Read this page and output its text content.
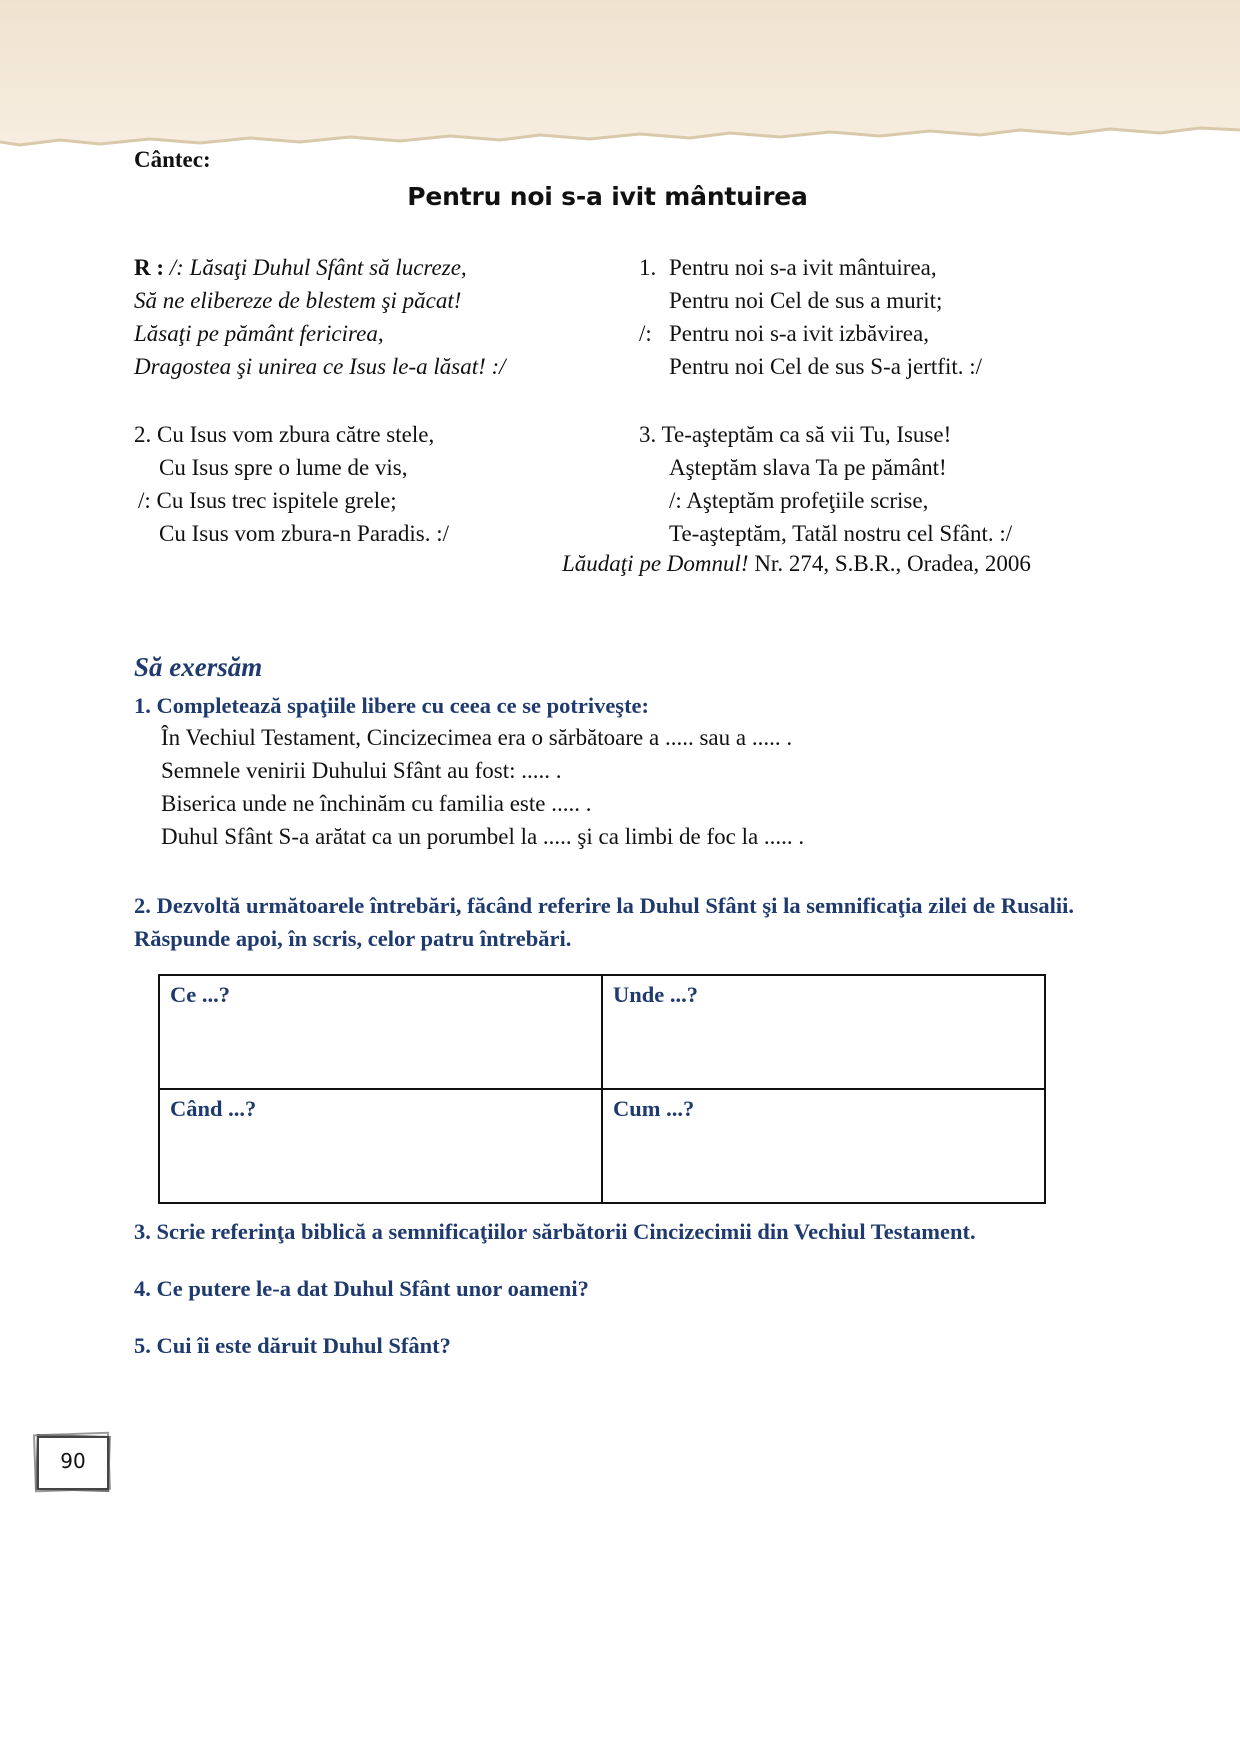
Cântec:
Pentru noi s-a ivit mântuirea
R :
/: Lăsaţi Duhul Sfânt să lucreze,
Să ne elibereze de blestem şi păcat!
Lăsaţi pe pământ fericirea,
Dragostea şi unirea ce Isus le-a lăsat! :/
1. Pentru noi s-a ivit mântuirea,
Pentru noi Cel de sus a murit;
/: Pentru noi s-a ivit izbăvirea,
Pentru noi Cel de sus S-a jertfit. :/
2. Cu Isus vom zbura către stele,
Cu Isus spre o lume de vis,
/: Cu Isus trec ispitele grele;
Cu Isus vom zbura-n Paradis. :/
3. Te-aşteptăm ca să vii Tu, Isuse!
Aşteptăm slava Ta pe pământ!
/: Aşteptăm profeţiile scrise,
Te-aşteptăm, Tatăl nostru cel Sfânt. :/
Lăudaţi pe Domnul! Nr. 274, S.B.R., Oradea, 2006
Să exersăm
1. Completează spaţiile libere cu ceea ce se potriveşte:
În Vechiul Testament, Cincizecimea era o sărbătoare a ..... sau a ..... .
Semnele venirii Duhului Sfânt au fost: ..... .
Biserica unde ne închinăm cu familia este ..... .
Duhul Sfânt S-a arătat ca un porumbel la ..... şi ca limbi de foc la ..... .
2. Dezvoltă următoarele întrebări, făcând referire la Duhul Sfânt şi la semnificaţia zilei de Rusalii. Răspunde apoi, în scris, celor patru întrebări.
Ce ...?	Unde ...?
Când ...?	Cum ...?
3. Scrie referinţa biblică a semnificaţiilor sărbătorii Cincizecimii din Vechiul Testament.
4. Ce putere le-a dat Duhul Sfânt unor oameni?
5. Cui îi este dăruit Duhul Sfânt?
90
